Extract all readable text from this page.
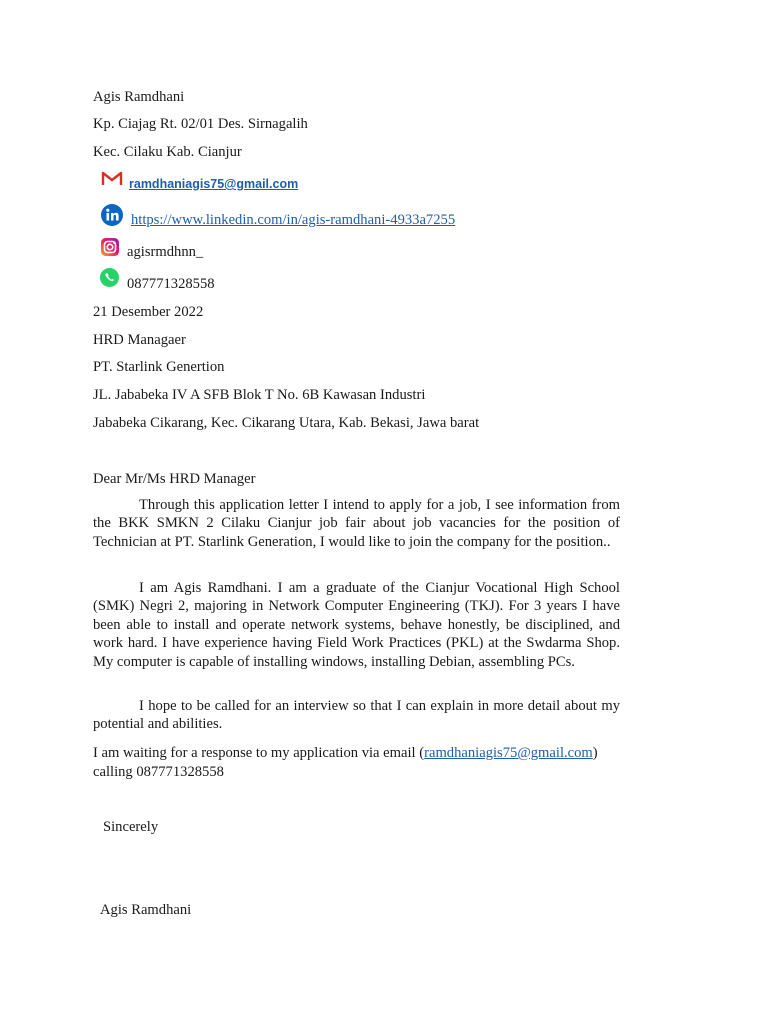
Agis Ramdhani
Kp. Ciajag Rt. 02/01 Des. Sirnagalih
Kec. Cilaku Kab. Cianjur
ramdhaniagis75@gmail.com
https://www.linkedin.com/in/agis-ramdhani-4933a7255
agisrmdhnn_
087771328558
21 Desember 2022
HRD Managaer
PT. Starlink Genertion
JL. Jababeka IV A SFB Blok T No. 6B Kawasan Industri
Jababeka Cikarang, Kec. Cikarang Utara, Kab. Bekasi, Jawa barat
Dear Mr/Ms HRD Manager

Through this application letter I intend to apply for a job, I see information from the BKK SMKN 2 Cilaku Cianjur job fair about job vacancies for the position of Technician at PT. Starlink Generation, I would like to join the company for the position..

I am Agis Ramdhani. I am a graduate of the Cianjur Vocational High School (SMK) Negri 2, majoring in Network Computer Engineering (TKJ). For 3 years I have been able to install and operate network systems, behave honestly, be disciplined, and work hard. I have experience having Field Work Practices (PKL) at the Swdarma Shop. My computer is capable of installing windows, installing Debian, assembling PCs.

I hope to be called for an interview so that I can explain in more detail about my potential and abilities.

I am waiting for a response to my application via email (ramdhaniagis75@gmail.com)
calling 087771328558
Sincerely
Agis Ramdhani
